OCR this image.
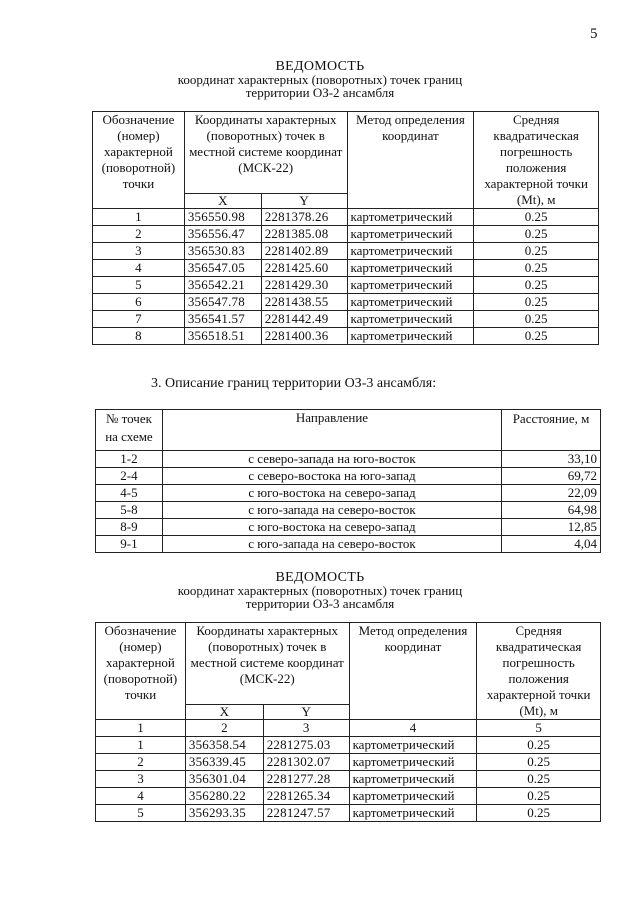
5
ВЕДОМОСТЬ
координат характерных (поворотных) точек границ
территории ОЗ-2 ансамбля
Обозначение (номер) характерной (поворотной) точки	Координаты характерных (поворотных) точек в местной системе координат (МСК-22)		Метод определения координат	Средняя квадратическая погрешность положения характерной точки (Mt), м
	X	Y		
1	356550.98	2281378.26	картометрический	0.25
2	356556.47	2281385.08	картометрический	0.25
3	356530.83	2281402.89	картометрический	0.25
4	356547.05	2281425.60	картометрический	0.25
5	356542.21	2281429.30	картометрический	0.25
6	356547.78	2281438.55	картометрический	0.25
7	356541.57	2281442.49	картометрический	0.25
8	356518.51	2281400.36	картометрический	0.25
3. Описание границ территории ОЗ-3 ансамбля:
№ точек на схеме	Направление	Расстояние, м
1-2	с северо-запада на юго-восток	33,10
2-4	с северо-востока на юго-запад	69,72
4-5	с юго-востока на северо-запад	22,09
5-8	с юго-запада на северо-восток	64,98
8-9	с юго-востока на северо-запад	12,85
9-1	с юго-запада на северо-восток	4,04
ВЕДОМОСТЬ
координат характерных (поворотных) точек границ
территории ОЗ-3 ансамбля
Обозначение (номер) характерной (поворотной) точки	Координаты характерных (поворотных) точек в местной системе координат (МСК-22)		Метод определения координат	Средняя квадратическая погрешность положения характерной точки (Mt), м
	X	Y		
1	2	3	4	5
1	356358.54	2281275.03	картометрический	0.25
2	356339.45	2281302.07	картометрический	0.25
3	356301.04	2281277.28	картометрический	0.25
4	356280.22	2281265.34	картометрический	0.25
5	356293.35	2281247.57	картометрический	0.25
